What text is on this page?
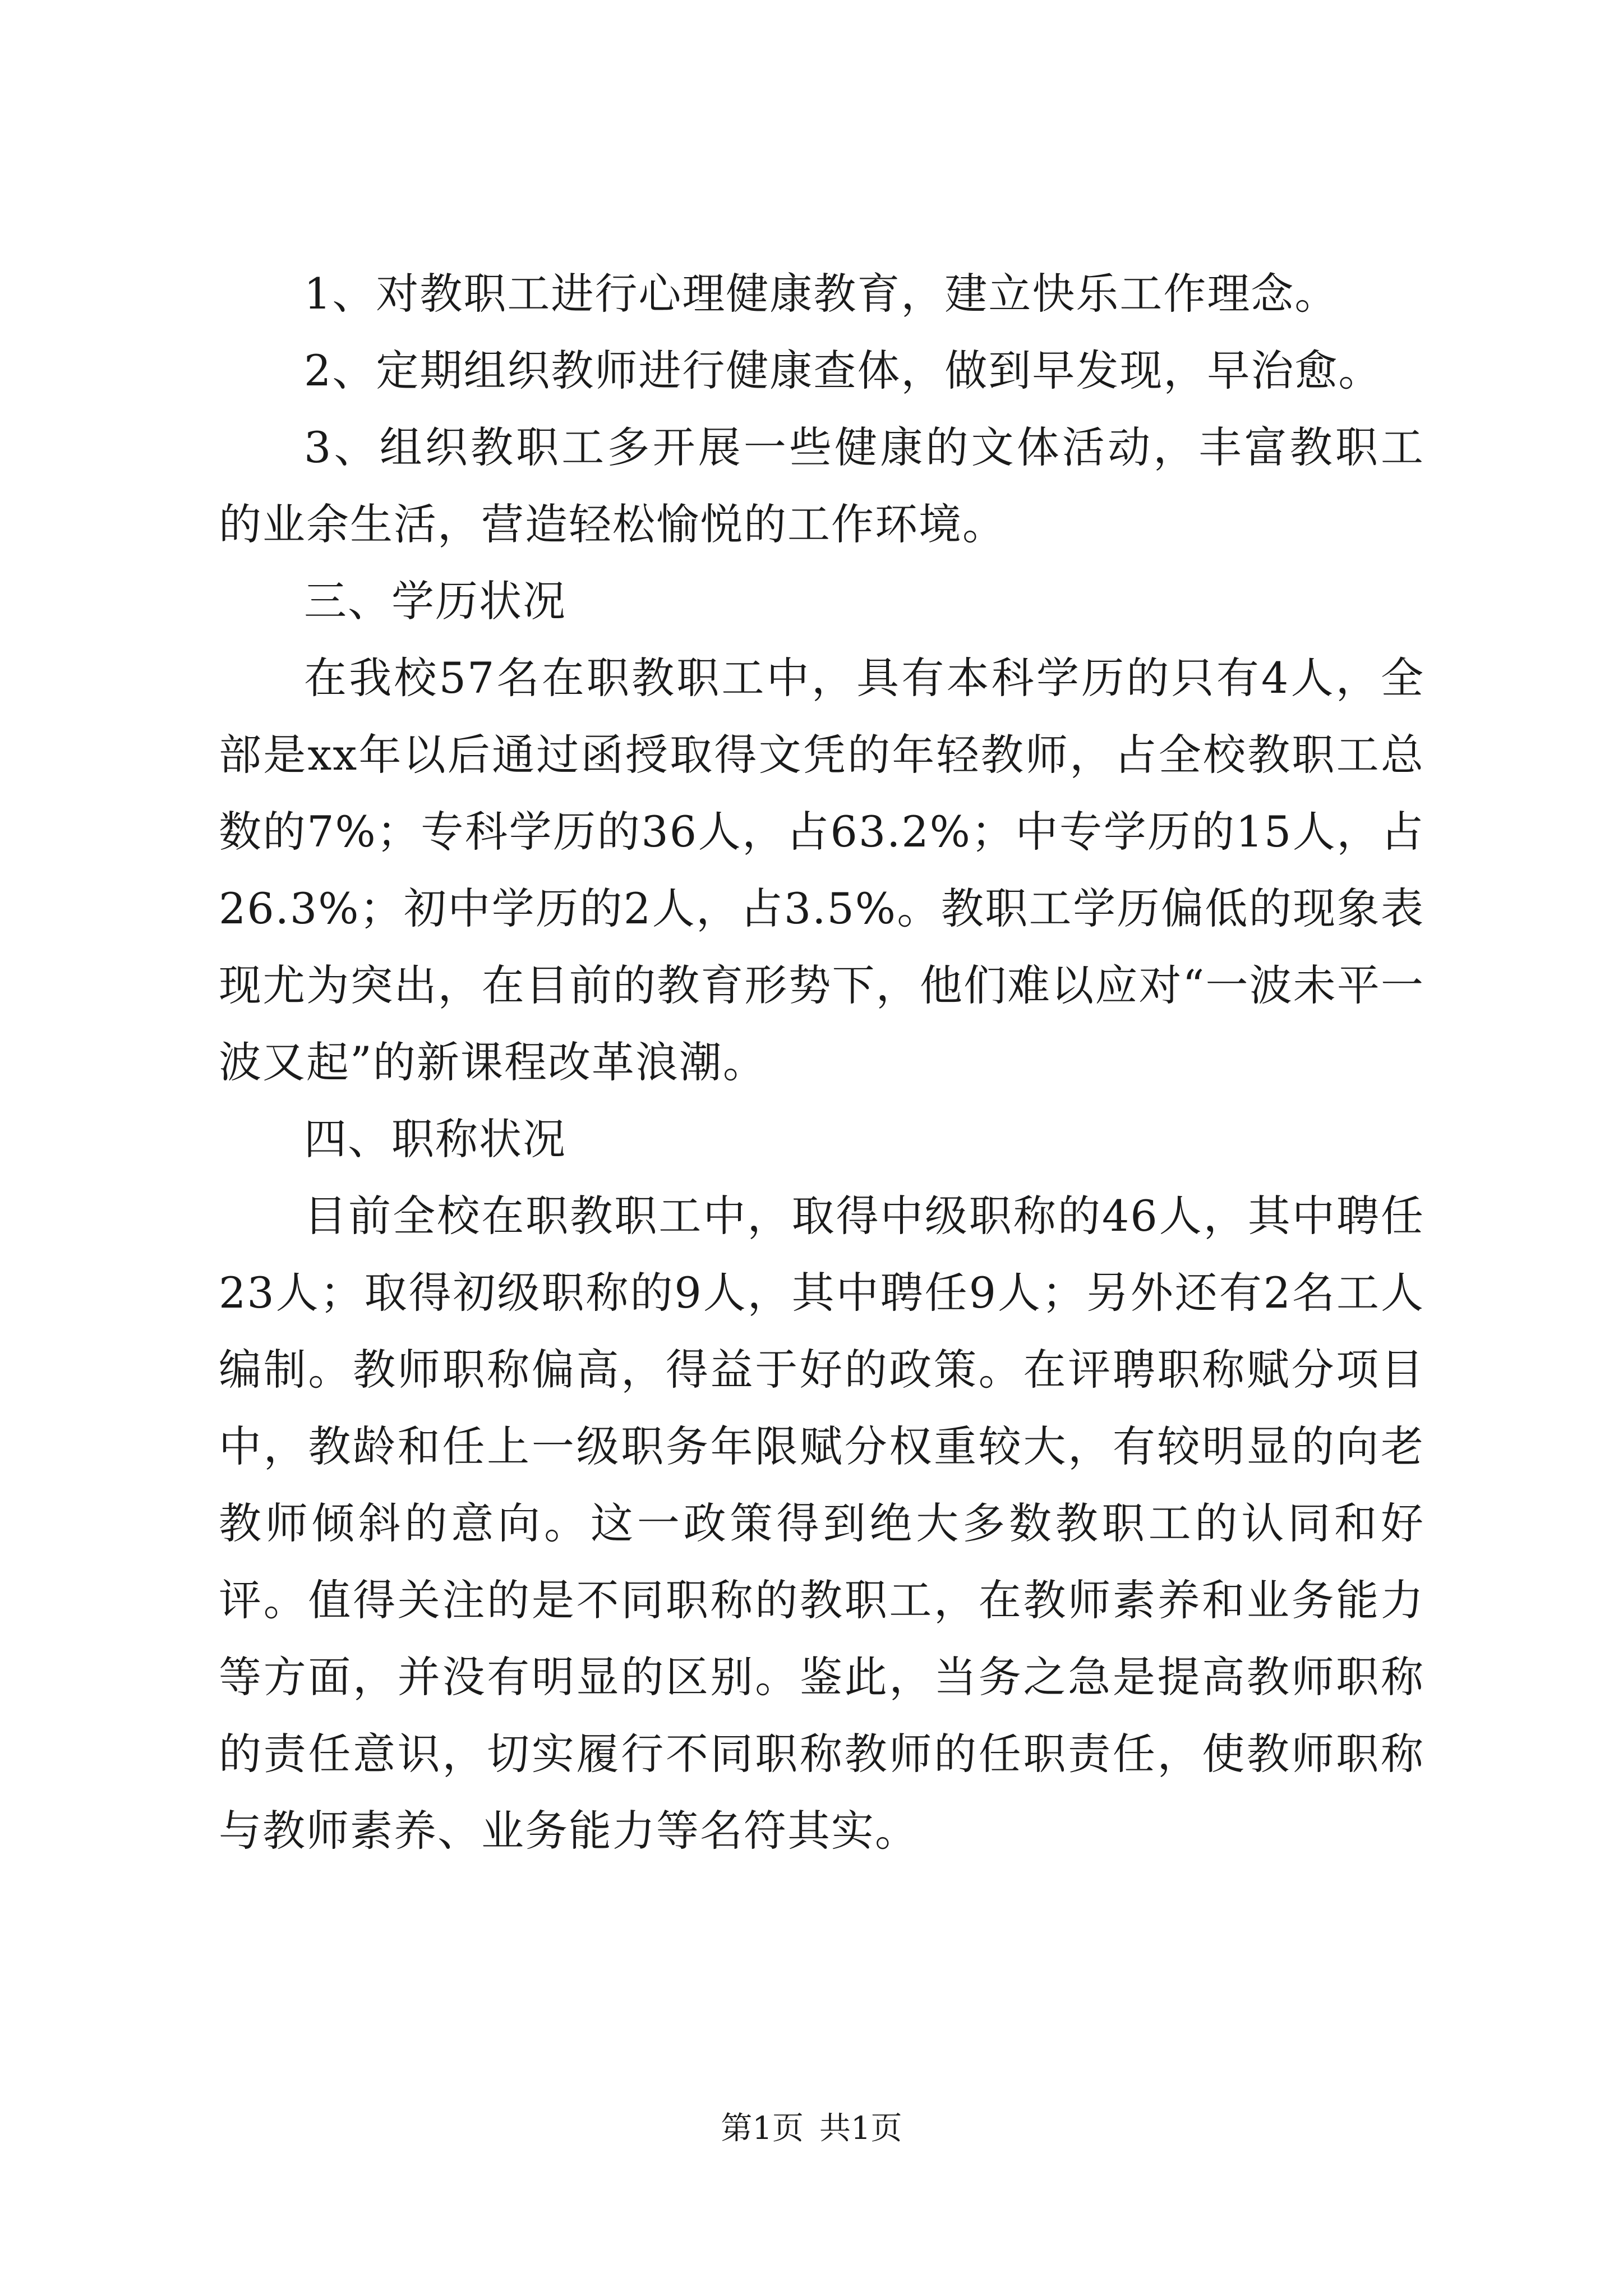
1、对教职工进行心理健康教育，建立快乐工作理念。

2、定期组织教师进行健康查体，做到早发现，早治愈。

3、组织教职工多开展一些健康的文体活动，丰富教职工的业余生活，营造轻松愉悦的工作环境。

三、学历状况

在我校57名在职教职工中，具有本科学历的只有4人，全部是xx年以后通过函授取得文凭的年轻教师，占全校教职工总数的7%；专科学历的36人，占63.2%；中专学历的15人，占26.3%；初中学历的2人，占3.5%。教职工学历偏低的现象表现尤为突出，在目前的教育形势下，他们难以应对“一波未平一波又起”的新课程改革浪潮。

四、职称状况

目前全校在职教职工中，取得中级职称的46人，其中聘任23人；取得初级职称的9人，其中聘任9人；另外还有2名工人编制。教师职称偏高，得益于好的政策。在评聘职称赋分项目中，教龄和任上一级职务年限赋分权重较大，有较明显的向老教师倾斜的意向。这一政策得到绝大多数教职工的认同和好评。值得关注的是不同职称的教职工，在教师素养和业务能力等方面，并没有明显的区别。鉴此，当务之急是提高教师职称的责任意识，切实履行不同职称教师的任职责任，使教师职称与教师素养、业务能力等名符其实。

第1页 共1页
